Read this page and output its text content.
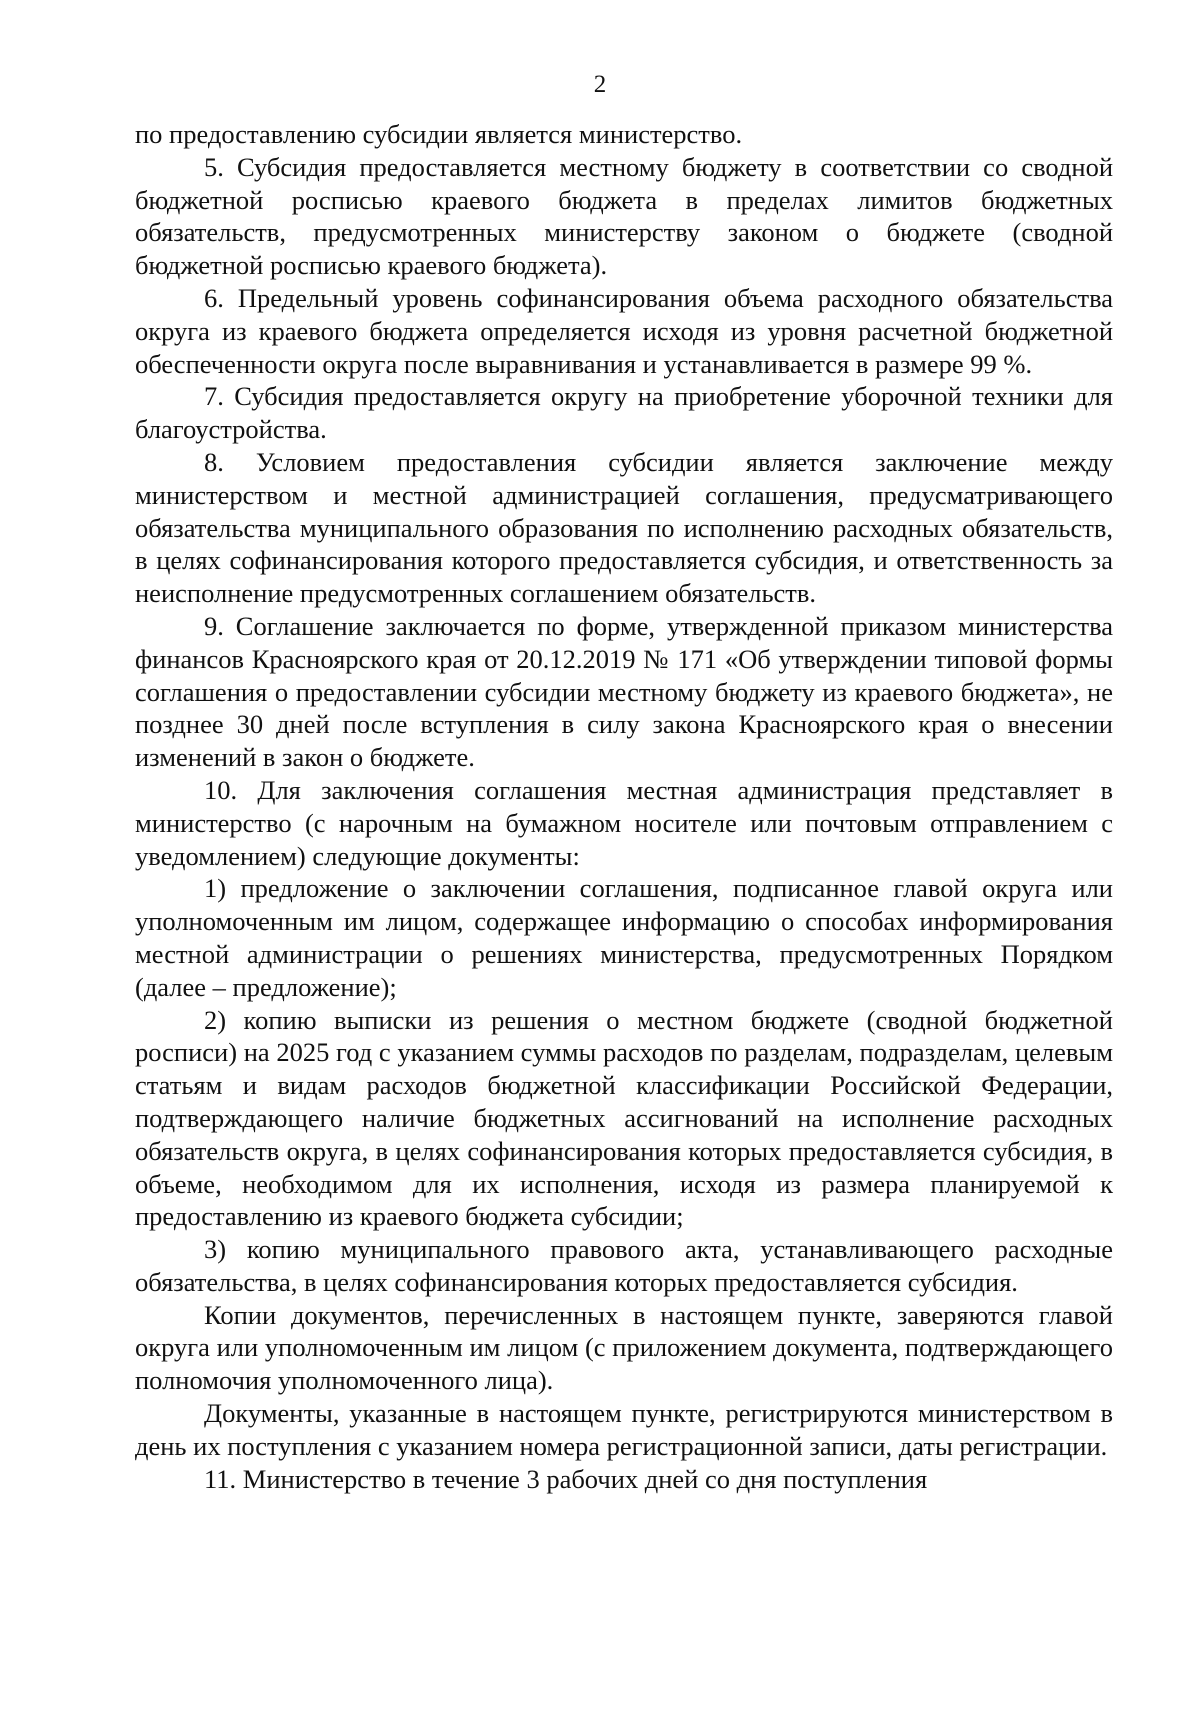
2

по предоставлению субсидии является министерство.

5. Субсидия предоставляется местному бюджету в соответствии со сводной бюджетной росписью краевого бюджета в пределах лимитов бюджетных обязательств, предусмотренных министерству законом о бюджете (сводной бюджетной росписью краевого бюджета).

6. Предельный уровень софинансирования объема расходного обязательства округа из краевого бюджета определяется исходя из уровня расчетной бюджетной обеспеченности округа после выравнивания и устанавливается в размере 99 %.

7. Субсидия предоставляется округу на приобретение уборочной техники для благоустройства.

8. Условием предоставления субсидии является заключение между министерством и местной администрацией соглашения, предусматривающего обязательства муниципального образования по исполнению расходных обязательств, в целях софинансирования которого предоставляется субсидия, и ответственность за неисполнение предусмотренных соглашением обязательств.

9. Соглашение заключается по форме, утвержденной приказом министерства финансов Красноярского края от 20.12.2019 № 171 «Об утверждении типовой формы соглашения о предоставлении субсидии местному бюджету из краевого бюджета», не позднее 30 дней после вступления в силу закона Красноярского края о внесении изменений в закон о бюджете.

10. Для заключения соглашения местная администрация представляет в министерство (с нарочным на бумажном носителе или почтовым отправлением с уведомлением) следующие документы:

1) предложение о заключении соглашения, подписанное главой округа или уполномоченным им лицом, содержащее информацию о способах информирования местной администрации о решениях министерства, предусмотренных Порядком (далее – предложение);

2) копию выписки из решения о местном бюджете (сводной бюджетной росписи) на 2025 год с указанием суммы расходов по разделам, подразделам, целевым статьям и видам расходов бюджетной классификации Российской Федерации, подтверждающего наличие бюджетных ассигнований на исполнение расходных обязательств округа, в целях софинансирования которых предоставляется субсидия, в объеме, необходимом для их исполнения, исходя из размера планируемой к предоставлению из краевого бюджета субсидии;

3) копию муниципального правового акта, устанавливающего расходные обязательства, в целях софинансирования которых предоставляется субсидия.

Копии документов, перечисленных в настоящем пункте, заверяются главой округа или уполномоченным им лицом (с приложением документа, подтверждающего полномочия уполномоченного лица).

Документы, указанные в настоящем пункте, регистрируются министерством в день их поступления с указанием номера регистрационной записи, даты регистрации.

11. Министерство в течение 3 рабочих дней со дня поступления
